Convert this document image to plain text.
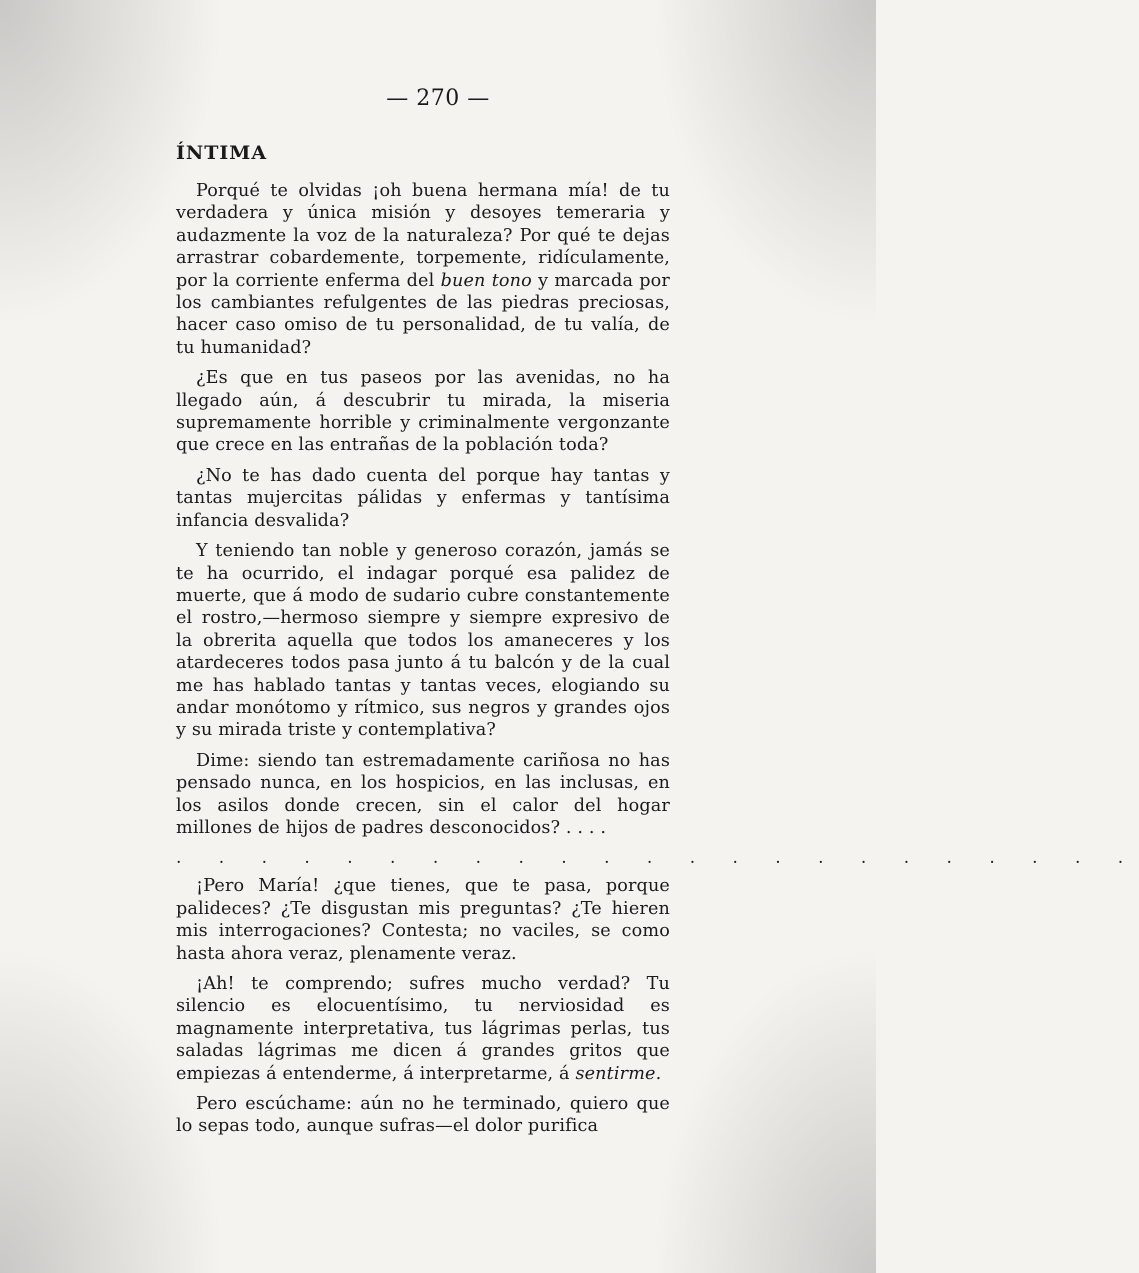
— 270 —
ÍNTIMA

Porqué te olvidas ¡oh buena hermana mía! de tu verdadera y única misión y desoyes temeraria y audazmente la voz de la naturaleza? Por qué te dejas arrastrar cobardemente, torpemente, ridículamente, por la corriente enferma del buen tono y marcada por los cambiantes refulgentes de las piedras preciosas, hacer caso omiso de tu personalidad, de tu valía, de tu humanidad?

¿Es que en tus paseos por las avenidas, no ha llegado aún, á descubrir tu mirada, la miseria supremamente horrible y criminalmente vergonzante que crece en las entrañas de la población toda?

¿No te has dado cuenta del porque hay tantas y tantas mujercitas pálidas y enfermas y tantísima infancia desvalida?

Y teniendo tan noble y generoso corazón, jamás se te ha ocurrido, el indagar porqué esa palidez de muerte, que á modo de sudario cubre constantemente el rostro,—hermoso siempre y siempre expresivo de la obrerita aquella que todos los amaneceres y los atardeceres todos pasa junto á tu balcón y de la cual me has hablado tantas y tantas veces, elogiando su andar monótomo y rítmico, sus negros y grandes ojos y su mirada triste y contemplativa?

Dime: siendo tan estremadamente cariñosa no has pensado nunca, en los hospicios, en las inclusas, en los asilos donde crecen, sin el calor del hogar millones de hijos de padres desconocidos? . . . .

. . . . . . . . . . . . . . . . . . . . . . .

¡Pero María! ¿que tienes, que te pasa, porque palideces? ¿Te disgustan mis preguntas? ¿Te hieren mis interrogaciones? Contesta; no vaciles, se como hasta ahora veraz, plenamente veraz.

¡Ah! te comprendo; sufres mucho verdad? Tu silencio es elocuentísimo, tu nerviosidad es magnamente interpretativa, tus lágrimas perlas, tus saladas lágrimas me dicen á grandes gritos que empiezas á entenderme, á interpretarme, á sentirme.

Pero escúchame: aún no he terminado, quiero que lo sepas todo, aunque sufras—el dolor purifica
